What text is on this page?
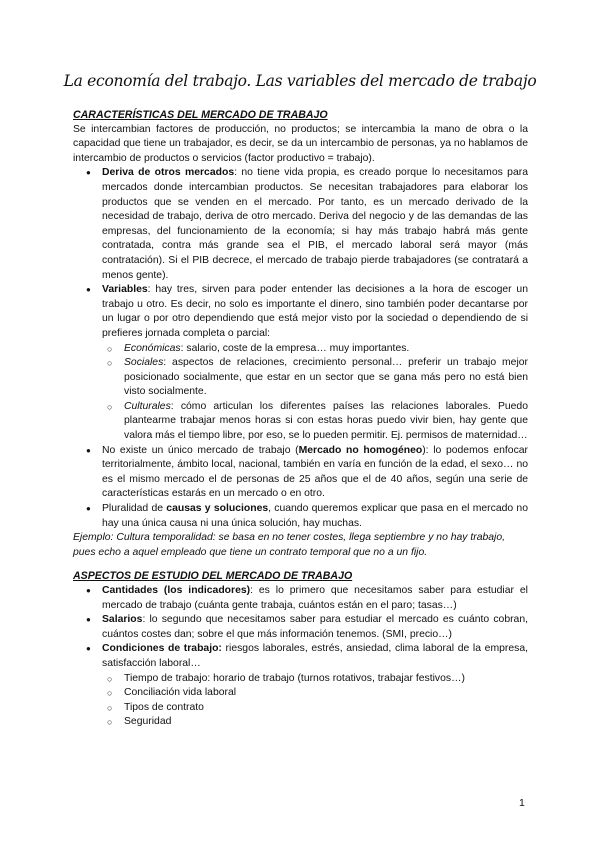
La economía del trabajo. Las variables del mercado de trabajo
CARACTERÍSTICAS DEL MERCADO DE TRABAJO

Se intercambian factores de producción, no productos; se intercambia la mano de obra o la capacidad que tiene un trabajador, es decir, se da un intercambio de personas, ya no hablamos de intercambio de productos o servicios (factor productivo = trabajo).

● Deriva de otros mercados: no tiene vida propia, es creado porque lo necesitamos para mercados donde intercambian productos. Se necesitan trabajadores para elaborar los productos que se venden en el mercado. Por tanto, es un mercado derivado de la necesidad de trabajo, deriva de otro mercado. Deriva del negocio y de las demandas de las empresas, del funcionamiento de la economía; si hay más trabajo habrá más gente contratada, contra más grande sea el PIB, el mercado laboral será mayor (más contratación). Si el PIB decrece, el mercado de trabajo pierde trabajadores (se contratará a menos gente).
● Variables: hay tres, sirven para poder entender las decisiones a la hora de escoger un trabajo u otro. Es decir, no solo es importante el dinero, sino también poder decantarse por un lugar o por otro dependiendo que está mejor visto por la sociedad o dependiendo de si prefieres jornada completa o parcial:
○ Económicas: salario, coste de la empresa… muy importantes.
○ Sociales: aspectos de relaciones, crecimiento personal… preferir un trabajo mejor posicionado socialmente, que estar en un sector que se gana más pero no está bien visto socialmente.
○ Culturales: cómo articulan los diferentes países las relaciones laborales. Puedo plantearme trabajar menos horas si con estas horas puedo vivir bien, hay gente que valora más el tiempo libre, por eso, se lo pueden permitir. Ej. permisos de maternidad…
● No existe un único mercado de trabajo (Mercado no homogéneo): lo podemos enfocar territorialmente, ámbito local, nacional, también en varía en función de la edad, el sexo… no es el mismo mercado el de personas de 25 años que el de 40 años, según una serie de características estarás en un mercado o en otro.
● Pluralidad de causas y soluciones, cuando queremos explicar que pasa en el mercado no hay una única causa ni una única solución, hay muchas.

Ejemplo: Cultura temporalidad: se basa en no tener costes, llega septiembre y no hay trabajo, pues echo a aquel empleado que tiene un contrato temporal que no a un fijo.

ASPECTOS DE ESTUDIO DEL MERCADO DE TRABAJO
● Cantidades (los indicadores): es lo primero que necesitamos saber para estudiar el mercado de trabajo (cuánta gente trabaja, cuántos están en el paro; tasas…)
● Salarios: lo segundo que necesitamos saber para estudiar el mercado es cuánto cobran, cuántos costes dan; sobre el que más información tenemos. (SMI, precio…)
● Condiciones de trabajo: riesgos laborales, estrés, ansiedad, clima laboral de la empresa, satisfacción laboral…
○ Tiempo de trabajo: horario de trabajo (turnos rotativos, trabajar festivos…)
○ Conciliación vida laboral
○ Tipos de contrato
○ Seguridad
1
